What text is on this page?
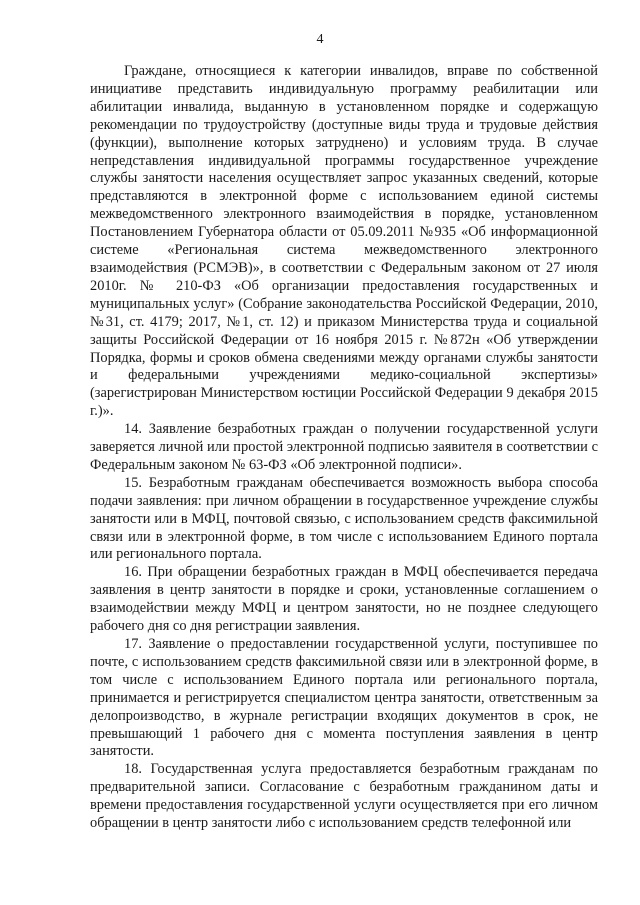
4

Граждане, относящиеся к категории инвалидов, вправе по собственной инициативе представить индивидуальную программу реабилитации или абилитации инвалида, выданную в установленном порядке и содержащую рекомендации по трудоустройству (доступные виды труда и трудовые действия (функции), выполнение которых затруднено) и условиям труда. В случае непредставления индивидуальной программы государственное учреждение службы занятости населения осуществляет запрос указанных сведений, которые представляются в электронной форме с использованием единой системы межведомственного электронного взаимодействия в порядке, установленном Постановлением Губернатора области от 05.09.2011 №935 «Об информационной системе «Региональная система межведомственного электронного взаимодействия (РСМЭВ)», в соответствии с Федеральным законом от 27 июля 2010г. № 210-ФЗ «Об организации предоставления государственных и муниципальных услуг» (Собрание законодательства Российской Федерации, 2010, №31, ст. 4179; 2017, №1, ст. 12) и приказом Министерства труда и социальной защиты Российской Федерации от 16 ноября 2015 г. №872н «Об утверждении Порядка, формы и сроков обмена сведениями между органами службы занятости и федеральными учреждениями медико-социальной экспертизы» (зарегистрирован Министерством юстиции Российской Федерации 9 декабря 2015 г.)».

14. Заявление безработных граждан о получении государственной услуги заверяется личной или простой электронной подписью заявителя в соответствии с Федеральным законом № 63-ФЗ «Об электронной подписи».

15. Безработным гражданам обеспечивается возможность выбора способа подачи заявления: при личном обращении в государственное учреждение службы занятости или в МФЦ, почтовой связью, с использованием средств факсимильной связи или в электронной форме, в том числе с использованием Единого портала или регионального портала.

16. При обращении безработных граждан в МФЦ обеспечивается передача заявления в центр занятости в порядке и сроки, установленные соглашением о взаимодействии между МФЦ и центром занятости, но не позднее следующего рабочего дня со дня регистрации заявления.

17. Заявление о предоставлении государственной услуги, поступившее по почте, с использованием средств факсимильной связи или в электронной форме, в том числе с использованием Единого портала или регионального портала, принимается и регистрируется специалистом центра занятости, ответственным за делопроизводство, в журнале регистрации входящих документов в срок, не превышающий 1 рабочего дня с момента поступления заявления в центр занятости.

18. Государственная услуга предоставляется безработным гражданам по предварительной записи. Согласование с безработным гражданином даты и времени предоставления государственной услуги осуществляется при его личном обращении в центр занятости либо с использованием средств телефонной или
